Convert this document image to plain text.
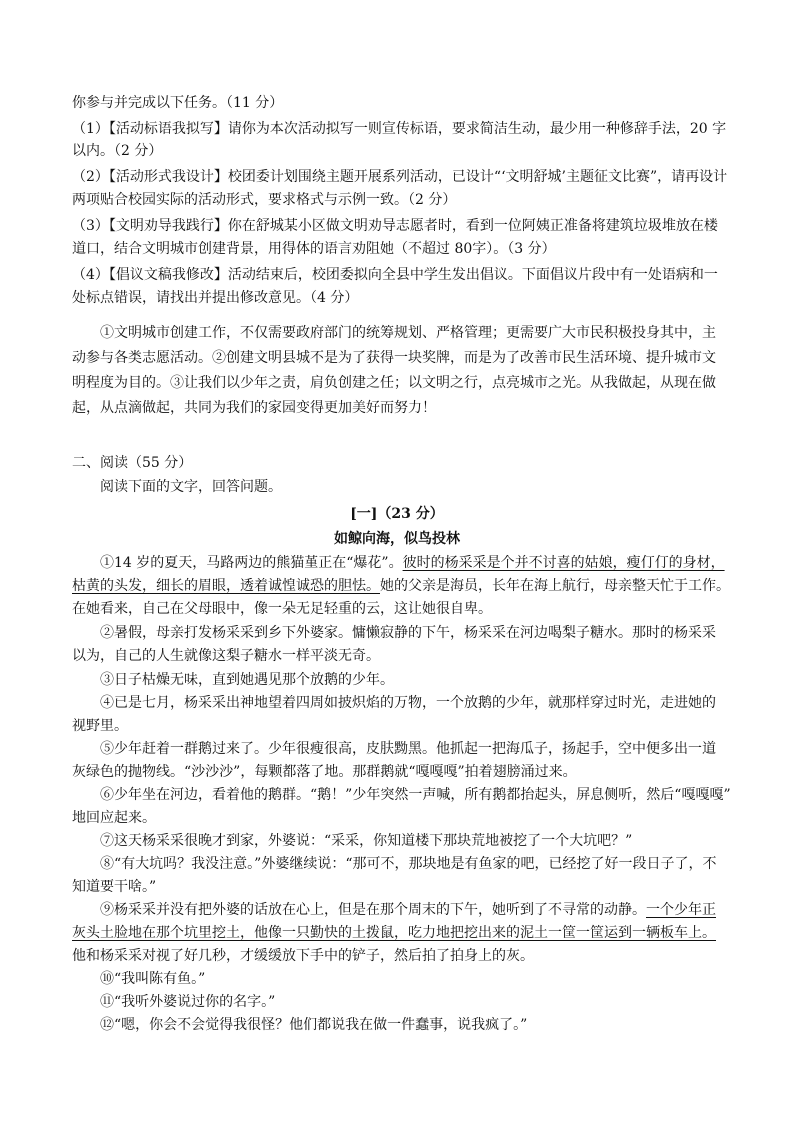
你参与并完成以下任务。（11 分）
（1）【活动标语我拟写】请你为本次活动拟写一则宣传标语，要求简洁生动，最少用一种修辞手法，20 字
以内。（2 分）
（2）【活动形式我设计】校团委计划围绕主题开展系列活动，已设计“‘文明舒城’主题征文比赛”，请再设计
两项贴合校园实际的活动形式，要求格式与示例一致。（2 分）
（3）【文明劝导我践行】你在舒城某小区做文明劝导志愿者时，看到一位阿姨正准备将建筑垃圾堆放在楼
道口，结合文明城市创建背景，用得体的语言劝阻她（不超过 80字）。（3 分）
（4）【倡议文稿我修改】活动结束后，校团委拟向全县中学生发出倡议。下面倡议片段中有一处语病和一
处标点错误，请找出并提出修改意见。（4 分）
①文明城市创建工作，不仅需要政府部门的统筹规划、严格管理；更需要广大市民积极投身其中，主
动参与各类志愿活动。②创建文明县城不是为了获得一块奖牌，而是为了改善市民生活环境、提升城市文
明程度为目的。③让我们以少年之责，肩负创建之任；以文明之行，点亮城市之光。从我做起，从现在做
起，从点滴做起，共同为我们的家园变得更加美好而努力！
二、阅读（55 分）
阅读下面的文字，回答问题。
[一]（23 分）
如鲸向海，似鸟投林
①14 岁的夏天，马路两边的熊猫堇正在“爆花”。彼时的杨采采是个并不讨喜的姑娘，瘦仃仃的身材，
枯黄的头发，细长的眉眼，透着诚惶诚恐的胆怯。她的父亲是海员，长年在海上航行，母亲整天忙于工作。
在她看来，自己在父母眼中，像一朵无足轻重的云，这让她很自卑。
②暑假，母亲打发杨采采到乡下外婆家。慵懒寂静的下午，杨采采在河边喝梨子糖水。那时的杨采采
以为，自己的人生就像这梨子糖水一样平淡无奇。
③日子枯燥无味，直到她遇见那个放鹅的少年。
④已是七月，杨采采出神地望着四周如披炽焰的万物，一个放鹅的少年，就那样穿过时光，走进她的
视野里。
⑤少年赶着一群鹅过来了。少年很瘦很高，皮肤黝黑。他抓起一把海瓜子，扬起手，空中便多出一道
灰绿色的抛物线。“沙沙沙”，每颗都落了地。那群鹅就“嘎嘎嘎”拍着翅膀涌过来。
⑥少年坐在河边，看着他的鹅群。“鹅！”少年突然一声喊，所有鹅都抬起头，屏息侧听，然后“嘎嘎嘎”
地回应起来。
⑦这天杨采采很晚才到家，外婆说：“采采，你知道楼下那块荒地被挖了一个大坑吧？”
⑧“有大坑吗？我没注意。”外婆继续说：“那可不，那块地是有鱼家的吧，已经挖了好一段日子了，不
知道要干啥。”
⑨杨采采并没有把外婆的话放在心上，但是在那个周末的下午，她听到了不寻常的动静。一个少年正
灰头土脸地在那个坑里挖土，他像一只勤快的土拨鼠，吃力地把挖出来的泥土一筐一筐运到一辆板车上。
他和杨采采对视了好几秒，才缓缓放下手中的铲子，然后拍了拍身上的灰。
⑩“我叫陈有鱼。”
⑪“我听外婆说过你的名字。”
⑫“嗯，你会不会觉得我很怪？他们都说我在做一件蠢事，说我疯了。”
